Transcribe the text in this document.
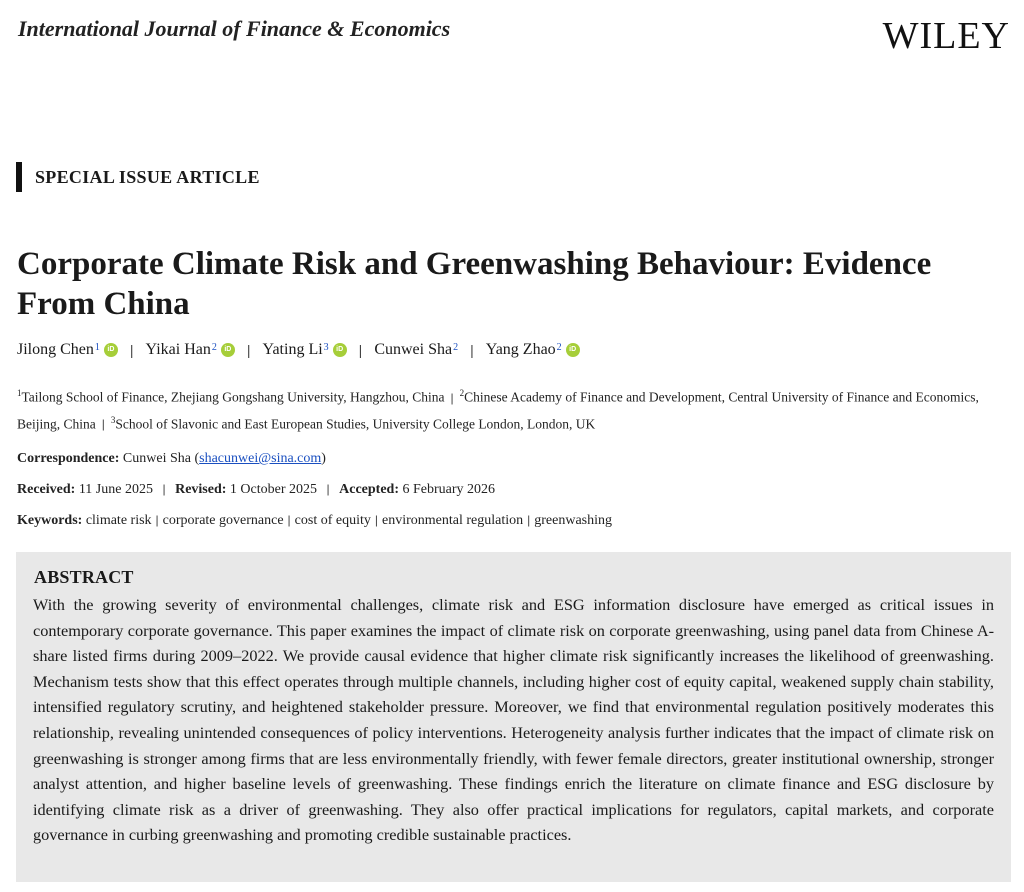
International Journal of Finance & Economics	WILEY
SPECIAL ISSUE ARTICLE
Corporate Climate Risk and Greenwashing Behaviour: Evidence From China
Jilong Chen 1	iD | Yikai Han 2	iD | Yating Li 3	iD | Cunwei Sha 2 | Yang Zhao 2	iD
$^1$Tailong School of Finance, Zhejiang Gongshang University, Hangzhou, China | $^2$Chinese Academy of Finance and Development, Central University of Finance and Economics, Beijing, China | $^3$School of Slavonic and East European Studies, University College London, London, UK
Correspondence: Cunwei Sha (shacunwei@sina.com)
Received: 11 June 2025 | Revised: 1 October 2025 | Accepted: 6 February 2026
Keywords: climate risk | corporate governance | cost of equity | environmental regulation | greenwashing
ABSTRACT

With the growing severity of environmental challenges, climate risk and ESG information disclosure have emerged as critical issues in contemporary corporate governance. This paper examines the impact of climate risk on corporate greenwashing, using panel data from Chinese A-share listed firms during 2009–2022. We provide causal evidence that higher climate risk significantly increases the likelihood of greenwashing. Mechanism tests show that this effect operates through multiple channels, including higher cost of equity capital, weakened supply chain stability, intensified regulatory scrutiny, and heightened stakeholder pressure. Moreover, we find that environmental regulation positively moderates this relationship, revealing unintended consequences of policy interventions. Heterogeneity analysis further indicates that the impact of climate risk on greenwashing is stronger among firms that are less environmentally friendly, with fewer female directors, greater institutional ownership, stronger analyst attention, and higher baseline levels of greenwashing. These findings enrich the literature on climate finance and ESG disclosure by identifying climate risk as a driver of greenwashing. They also offer practical implications for regulators, capital markets, and corporate governance in curbing greenwashing and promoting credible sustainable practices.
